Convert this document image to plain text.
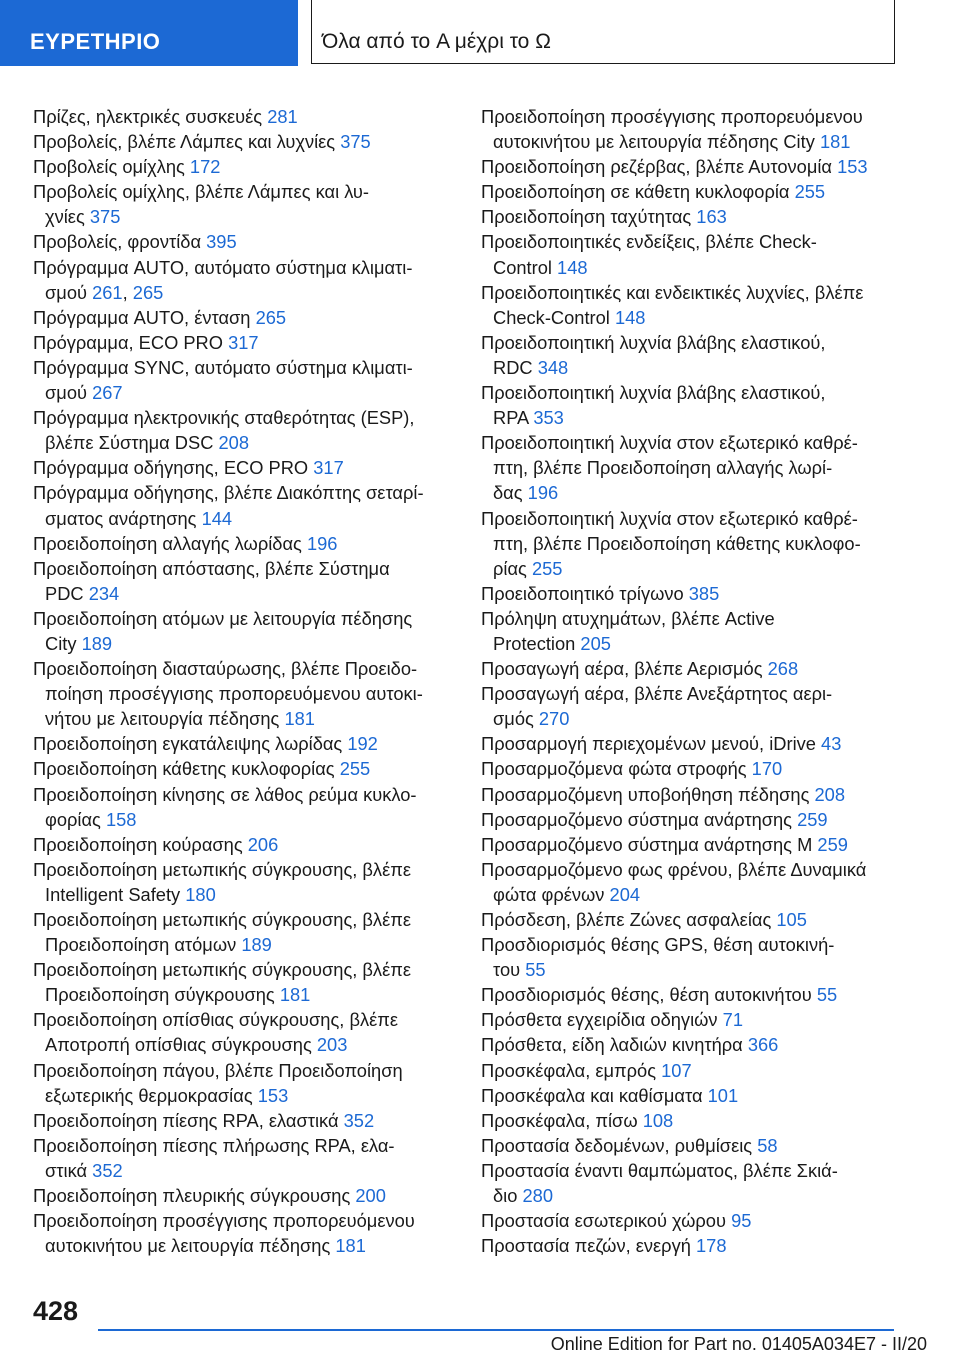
ΕΥΡΕΤΗΡΙΟ	Όλα από το A μέχρι το Ω

Πρίζες, ηλεκτρικές συσκευές 281

Προβολείς, βλέπε Λάμπες και λυχνίες 375

Προβολείς ομίχλης 172

Προβολείς ομίχλης, βλέπε Λάμπες και λυ-
χνίες 375

Προβολείς, φροντίδα 395

Πρόγραμμα AUTO, αυτόματο σύστημα κλιματι-
σμού 261, 265

Πρόγραμμα AUTO, ένταση 265

Πρόγραμμα, ECO PRO 317

Πρόγραμμα SYNC, αυτόματο σύστημα κλιματι-
σμού 267

Πρόγραμμα ηλεκτρονικής σταθερότητας (ESP),
βλέπε Σύστημα DSC 208

Πρόγραμμα οδήγησης, ECO PRO 317

Πρόγραμμα οδήγησης, βλέπε Διακόπτης σεταρί-
σματος ανάρτησης 144

Προειδοποίηση αλλαγής λωρίδας 196

Προειδοποίηση απόστασης, βλέπε Σύστημα
PDC 234

Προειδοποίηση ατόμων με λειτουργία πέδησης
City 189

Προειδοποίηση διασταύρωσης, βλέπε Προειδο-
ποίηση προσέγγισης προπορευόμενου αυτοκι-
νήτου με λειτουργία πέδησης 181

Προειδοποίηση εγκατάλειψης λωρίδας 192

Προειδοποίηση κάθετης κυκλοφορίας 255

Προειδοποίηση κίνησης σε λάθος ρεύμα κυκλο-
φορίας 158

Προειδοποίηση κούρασης 206

Προειδοποίηση μετωπικής σύγκρουσης, βλέπε
Intelligent Safety 180

Προειδοποίηση μετωπικής σύγκρουσης, βλέπε
Προειδοποίηση ατόμων 189

Προειδοποίηση μετωπικής σύγκρουσης, βλέπε
Προειδοποίηση σύγκρουσης 181

Προειδοποίηση οπίσθιας σύγκρουσης, βλέπε
Αποτροπή οπίσθιας σύγκρουσης 203

Προειδοποίηση πάγου, βλέπε Προειδοποίηση
εξωτερικής θερμοκρασίας 153

Προειδοποίηση πίεσης RPA, ελαστικά 352

Προειδοποίηση πίεσης πλήρωσης RPA, ελα-
στικά 352

Προειδοποίηση πλευρικής σύγκρουσης 200

Προειδοποίηση προσέγγισης προπορευόμενου
αυτοκινήτου με λειτουργία πέδησης 181

Προειδοποίηση προσέγγισης προπορευόμενου
αυτοκινήτου με λειτουργία πέδησης City 181

Προειδοποίηση ρεζέρβας, βλέπε Αυτονομία 153

Προειδοποίηση σε κάθετη κυκλοφορία 255

Προειδοποίηση ταχύτητας 163

Προειδοποιητικές ενδείξεις, βλέπε Check-
Control 148

Προειδοποιητικές και ενδεικτικές λυχνίες, βλέπε
Check-Control 148

Προειδοποιητική λυχνία βλάβης ελαστικού,
RDC 348

Προειδοποιητική λυχνία βλάβης ελαστικού,
RPA 353

Προειδοποιητική λυχνία στον εξωτερικό καθρέ-
πτη, βλέπε Προειδοποίηση αλλαγής λωρί-
δας 196

Προειδοποιητική λυχνία στον εξωτερικό καθρέ-
πτη, βλέπε Προειδοποίηση κάθετης κυκλοφο-
ρίας 255

Προειδοποιητικό τρίγωνο 385

Πρόληψη ατυχημάτων, βλέπε Active
Protection 205

Προσαγωγή αέρα, βλέπε Αερισμός 268

Προσαγωγή αέρα, βλέπε Ανεξάρτητος αερι-
σμός 270

Προσαρμογή περιεχομένων μενού, iDrive 43

Προσαρμοζόμενα φώτα στροφής 170

Προσαρμοζόμενη υποβοήθηση πέδησης 208

Προσαρμοζόμενο σύστημα ανάρτησης 259

Προσαρμοζόμενο σύστημα ανάρτησης M 259

Προσαρμοζόμενο φως φρένου, βλέπε Δυναμικά
φώτα φρένων 204

Πρόσδεση, βλέπε Ζώνες ασφαλείας 105

Προσδιορισμός θέσης GPS, θέση αυτοκινή-
του 55

Προσδιορισμός θέσης, θέση αυτοκινήτου 55

Πρόσθετα εγχειρίδια οδηγιών 71

Πρόσθετα, είδη λαδιών κινητήρα 366

Προσκέφαλα, εμπρός 107

Προσκέφαλα και καθίσματα 101

Προσκέφαλα, πίσω 108

Προστασία δεδομένων, ρυθμίσεις 58

Προστασία έναντι θαμπώματος, βλέπε Σκιά-
διο 280

Προστασία εσωτερικού χώρου 95

Προστασία πεζών, ενεργή 178

428
Online Edition for Part no. 01405A034E7 - II/20
